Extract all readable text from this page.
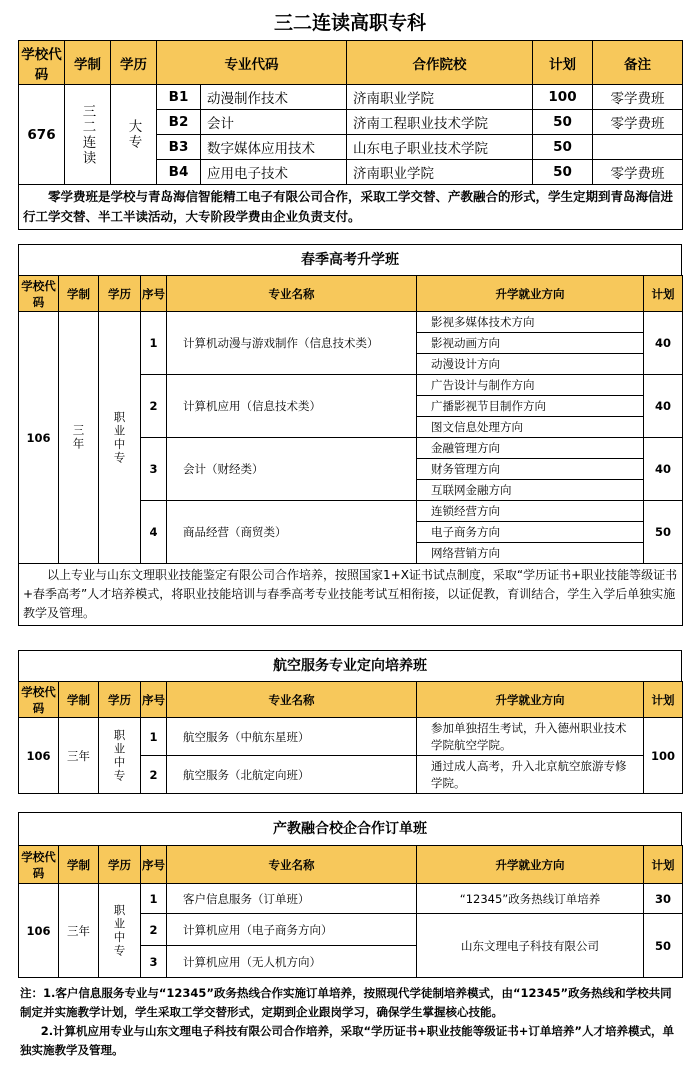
三二连读高职专科
学校代码	学制	学历	专业代码		合作院校	计划	备注
676	三二连读	大专	B1	动漫制作技术	济南职业学院	100	零学费班
			B2	会计	济南工程职业技术学院	50	零学费班
			B3	数字媒体应用技术	山东电子职业技术学院	50	
			B4	应用电子技术	济南职业学院	50	零学费班

零学费班是学校与青岛海信智能精工电子有限公司合作，采取工学交替、产教融合的形式，学生定期到青岛海信进行工学交替、半工半读活动，大专阶段学费由企业负责支付。							
春季高考升学班
学校代码	学制	学历	序号	专业名称	升学就业方向	计划
106	三年	职业中专	1	计算机动漫与游戏制作（信息技术类）	影视多媒体技术方向	40
					影视动画方向	
					动漫设计方向	
			2	计算机应用（信息技术类）	广告设计与制作方向	40
					广播影视节目制作方向	
					图文信息处理方向	
			3	会计（财经类）	金融管理方向	40
					财务管理方向	
					互联网金融方向	
			4	商品经营（商贸类）	连锁经营方向	50
					电子商务方向	
					网络营销方向	

以上专业与山东文理职业技能鉴定有限公司合作培养，按照国家1+X证书试点制度，采取“学历证书+职业技能等级证书+春季高考”人才培养模式，将职业技能培训与春季高考专业技能考试互相衔接，以证促教，育训结合，学生入学后单独实施教学及管理。						
航空服务专业定向培养班
学校代码	学制	学历	序号	专业名称	升学就业方向	计划
106	三年	职业中专	1	航空服务（中航东星班）	参加单独招生考试，升入德州职业技术学院航空学院。	100
			2	航空服务（北航定向班）	通过成人高考，升入北京航空旅游专修学院。	
产教融合校企合作订单班
学校代码	学制	学历	序号	专业名称	升学就业方向	计划
106	三年	职业中专	1	客户信息服务（订单班）	“12345”政务热线订单培养	30
			2	计算机应用（电子商务方向）	山东文理电子科技有限公司	50
			3	计算机应用（无人机方向）		
注：1.客户信息服务专业与“12345”政务热线合作实施订单培养，按照现代学徒制培养模式，由“12345”政务热线和学校共同制定并实施教学计划，学生采取工学交替形式，定期到企业跟岗学习，确保学生掌握核心技能。
2.计算机应用专业与山东文理电子科技有限公司合作培养，采取“学历证书+职业技能等级证书+订单培养”人才培养模式，单独实施教学及管理。
